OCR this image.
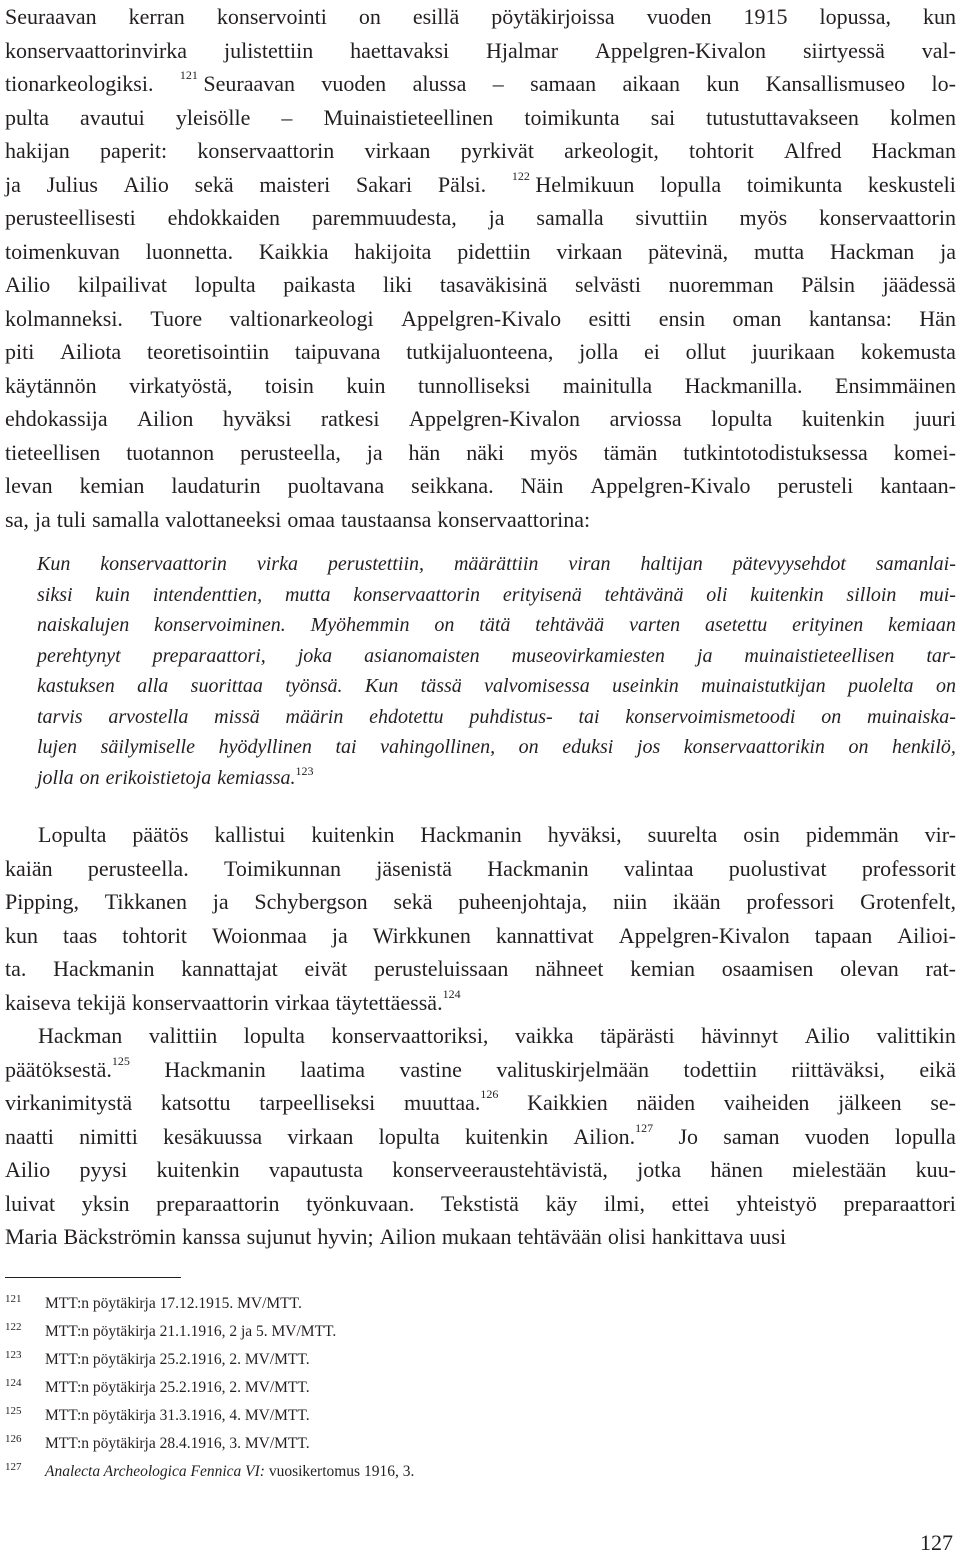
Seuraavan kerran konservointi on esillä pöytäkirjoissa vuoden 1915 lopussa, kun
konservaattorinvirka julistettiin haettavaksi Hjalmar Appelgren-Kivalon siirtyessä val-
tionarkeologiksi. $^{121}$ Seuraavan vuoden alussa – samaan aikaan kun Kansallismuseo lo-
pulta avautui yleisölle – Muinaistieteellinen toimikunta sai tutustuttavakseen kolmen
hakijan paperit: konservaattorin virkaan pyrkivät arkeologit, tohtorit Alfred Hackman
ja Julius Ailio sekä maisteri Sakari Pälsi. $^{122}$ Helmikuun lopulla toimikunta keskusteli
perusteellisesti ehdokkaiden paremmuudesta, ja samalla sivuttiin myös konservaattorin
toimenkuvan luonnetta. Kaikkia hakijoita pidettiin virkaan pätevinä, mutta Hackman ja
Ailio kilpailivat lopulta paikasta liki tasaväkisinä selvästi nuoremman Pälsin jäädessä
kolmanneksi. Tuore valtionarkeologi Appelgren-Kivalo esitti ensin oman kantansa: Hän
piti Ailiota teoretisointiin taipuvana tutkijaluonteena, jolla ei ollut juurikaan kokemusta
käytännön virkatyöstä, toisin kuin tunnolliseksi mainitulla Hackmanilla. Ensimmäinen
ehdokassija Ailion hyväksi ratkesi Appelgren-Kivalon arviossa lopulta kuitenkin juuri
tieteellisen tuotannon perusteella, ja hän näki myös tämän tutkintotodistuksessa komei-
levan kemian laudaturin puoltavana seikkana. Näin Appelgren-Kivalo perusteli kantaan-
sa, ja tuli samalla valottaneeksi omaa taustaansa konservaattorina:
Kun konservaattorin virka perustettiin, määrättiin viran haltijan pätevyysehdot samanlai-
siksi kuin intendenttien, mutta konservaattorin erityisenä tehtävänä oli kuitenkin silloin mui-
naiskalujen konservoiminen. Myöhemmin on tätä tehtävää varten asetettu erityinen kemiaan
perehtynyt preparaattori, joka asianomaisten museovirkamiesten ja muinaistieteellisen tar-
kastuksen alla suorittaa työnsä. Kun tässä valvomisessa useinkin muinaistutkijan puolelta on
tarvis arvostella missä määrin ehdotettu puhdistus- tai konservoimismetoodi on muinaiska-
lujen säilymiselle hyödyllinen tai vahingollinen, on eduksi jos konservaattorikin on henkilö,
jolla on erikoistietoja kemiassa.$^{123}$
Lopulta päätös kallistui kuitenkin Hackmanin hyväksi, suurelta osin pidemmän vir-
kaiän perusteella. Toimikunnan jäsenistä Hackmanin valintaa puolustivat professorit
Pipping, Tikkanen ja Schybergson sekä puheenjohtaja, niin ikään professori Grotenfelt,
kun taas tohtorit Woionmaa ja Wirkkunen kannattivat Appelgren-Kivalon tapaan Ailioi-
ta. Hackmanin kannattajat eivät perusteluissaan nähneet kemian osaamisen olevan rat-
kaiseva tekijä konservaattorin virkaa täytettäessä.$^{124}$
Hackman valittiin lopulta konservaattoriksi, vaikka täpärästi hävinnyt Ailio valittikin
päätöksestä.$^{125}$ Hackmanin laatima vastine valituskirjelmään todettiin riittäväksi, eikä
virkanimitystä katsottu tarpeelliseksi muuttaa.$^{126}$ Kaikkien näiden vaiheiden jälkeen se-
naatti nimitti kesäkuussa virkaan lopulta kuitenkin Ailion.$^{127}$ Jo saman vuoden lopulla
Ailio pyysi kuitenkin vapautusta konserveeraustehtävistä, jotka hänen mielestään kuu-
luivat yksin preparaattorin työnkuvaan. Tekstistä käy ilmi, ettei yhteistyö preparaattori
Maria Bäckströmin kanssa sujunut hyvin; Ailion mukaan tehtävään olisi hankittava uusi
121	MTT:n pöytäkirja 17.12.1915. MV/MTT.
122	MTT:n pöytäkirja 21.1.1916, 2 ja 5. MV/MTT.
123	MTT:n pöytäkirja 25.2.1916, 2. MV/MTT.
124	MTT:n pöytäkirja 25.2.1916, 2. MV/MTT.
125	MTT:n pöytäkirja 31.3.1916, 4. MV/MTT.
126	MTT:n pöytäkirja 28.4.1916, 3. MV/MTT.
127	Analecta Archeologica Fennica VI: vuosikertomus 1916, 3.
127
